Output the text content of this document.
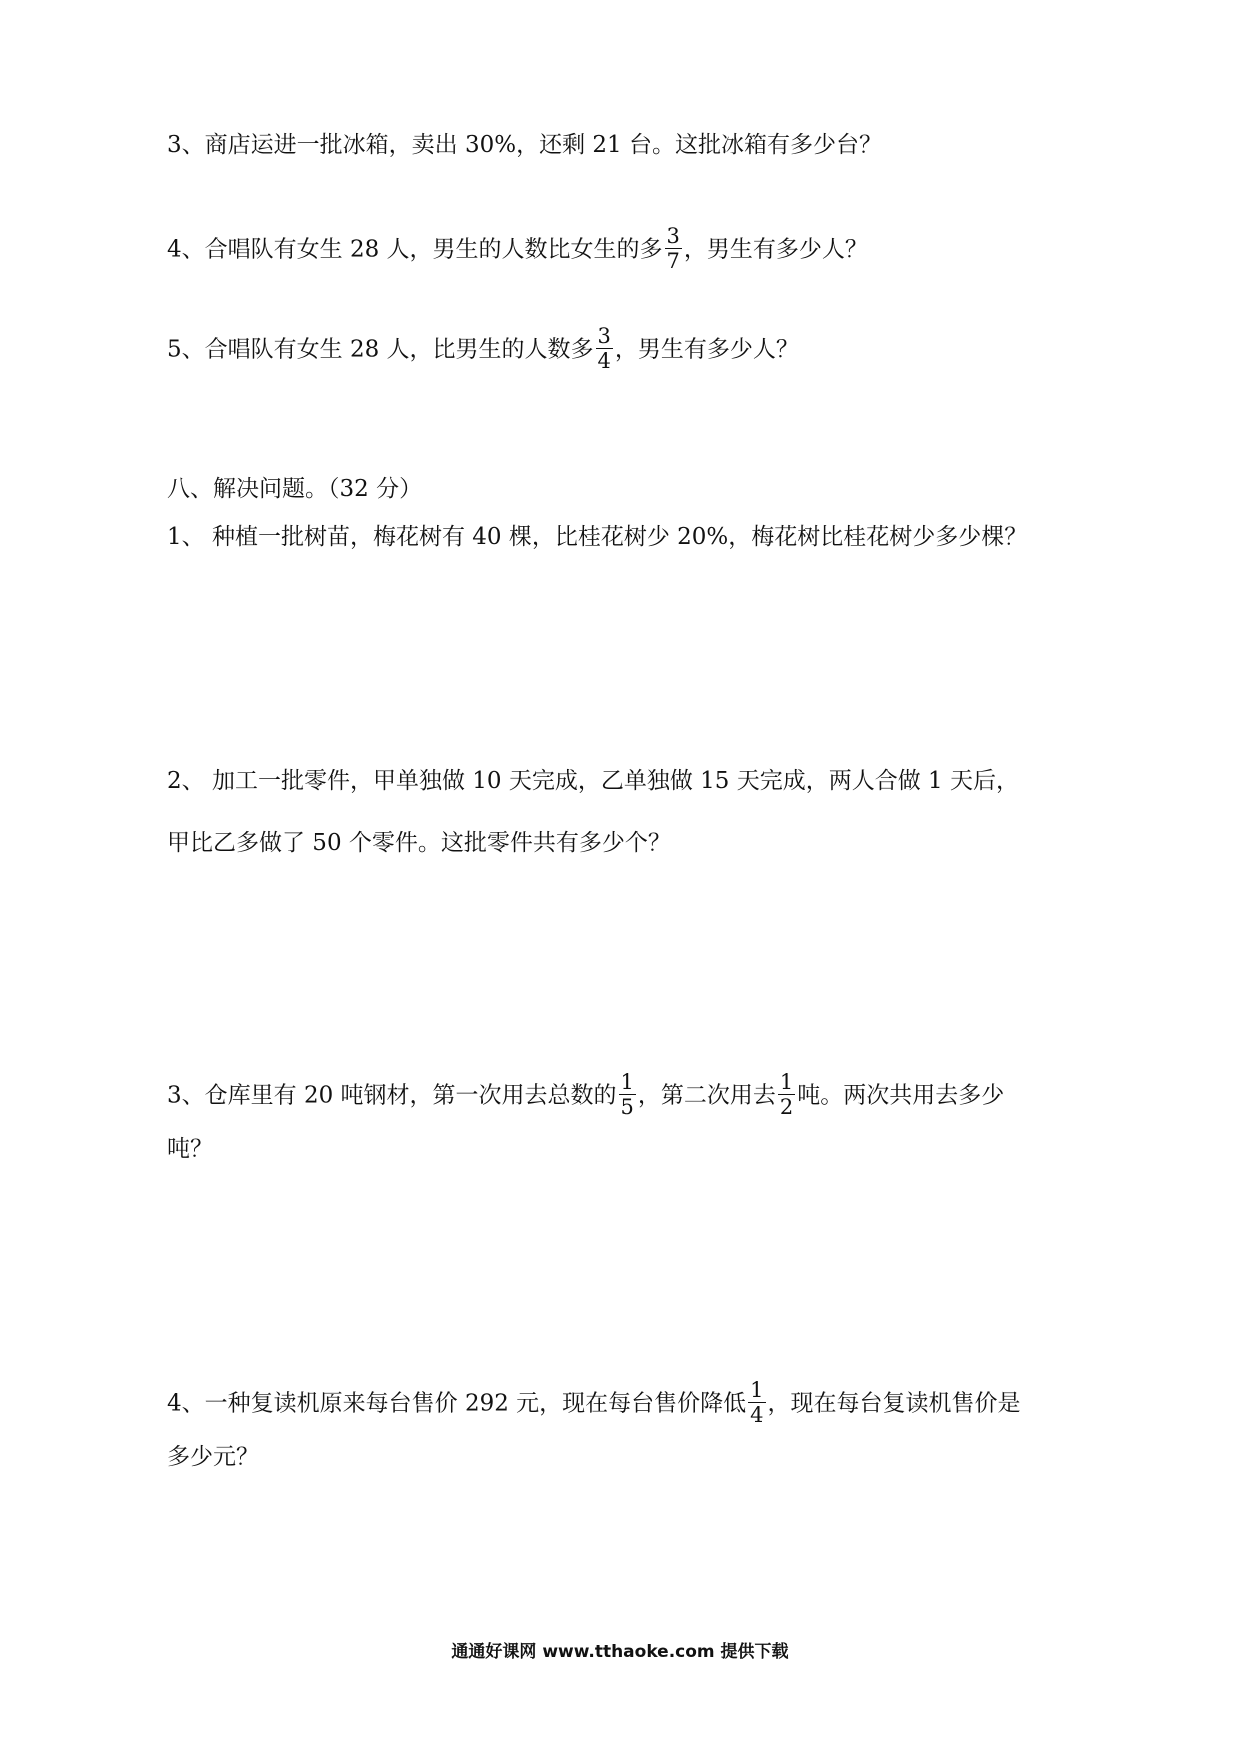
3、商店运进一批冰箱，卖出 30%，还剩 21 台。这批冰箱有多少台？
4、合唱队有女生 28 人，男生的人数比女生的多 $\frac{3}{7}$ ，男生有多少人？
5、合唱队有女生 28 人，比男生的人数多 $\frac{3}{4}$ ，男生有多少人？
八、解决问题。（32 分）
1、 种植一批树苗，梅花树有 40 棵，比桂花树少 20%，梅花树比桂花树少多少棵？
2、 加工一批零件，甲单独做 10 天完成，乙单独做 15 天完成，两人合做 1 天后，
甲比乙多做了 50 个零件。这批零件共有多少个？
3、仓库里有 20 吨钢材，第一次用去总数的 $\frac{1}{5}$ ，第二次用去 $\frac{1}{2}$ 吨。两次共用去多少
吨？
4、一种复读机原来每台售价 292 元，现在每台售价降低 $\frac{1}{4}$ ，现在每台复读机售价是
多少元？
通通好课网 www.tthaoke.com 提供下载
